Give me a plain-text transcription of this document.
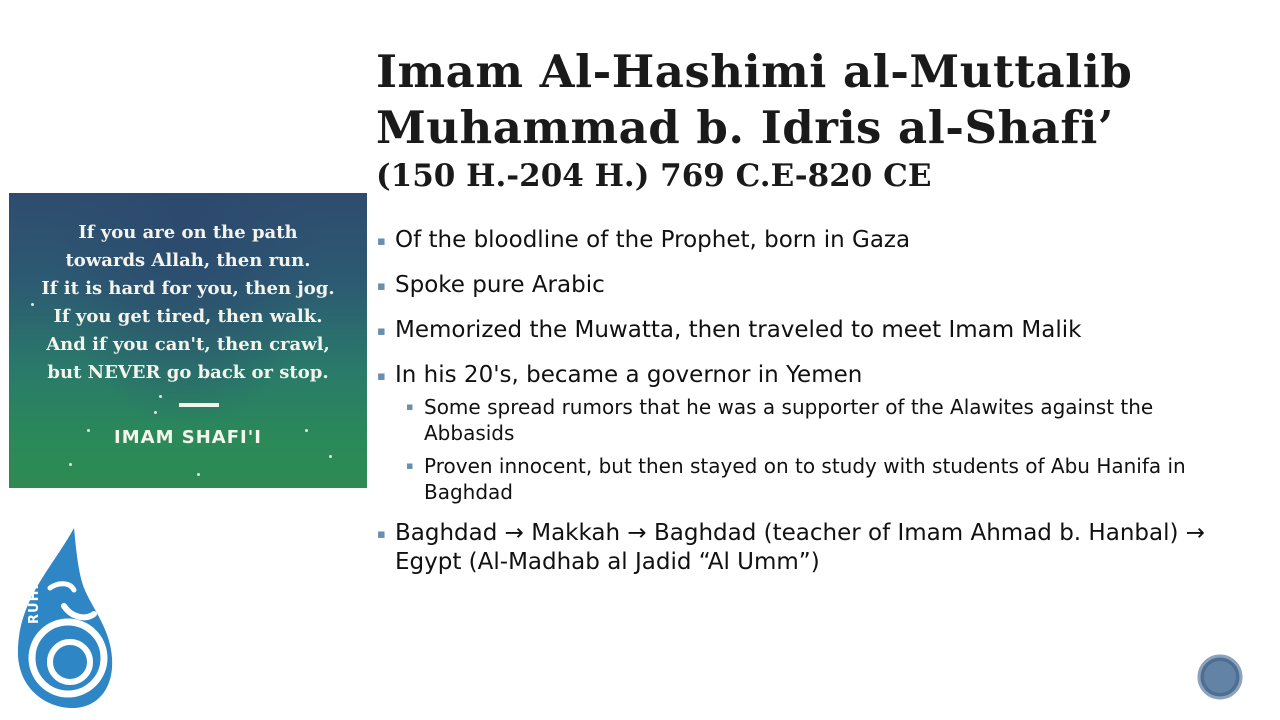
Imam Al-Hashimi al-Muttalib
Muhammad b. Idris al-Shafi’
(150 H.-204 H.) 769 C.E-820 CE
If you are on the path
towards Allah, then run.
If it is hard for you, then jog.
If you get tired, then walk.
And if you can't, then crawl,
but NEVER go back or stop.
IMAM SHAFI'I
▪ Of the bloodline of the Prophet, born in Gaza
▪ Spoke pure Arabic
▪ Memorized the Muwatta, then traveled to meet Imam Malik
▪ In his 20's, became a governor in Yemen
▪ Some spread rumors that he was a supporter of the Alawites against the Abbasids
▪ Proven innocent, but then stayed on to study with students of Abu Hanifa in Baghdad
▪ Baghdad → Makkah → Baghdad (teacher of Imam Ahmad b. Hanbal) → Egypt (Al-Madhab al Jadid “Al Umm”)
RUHMA
